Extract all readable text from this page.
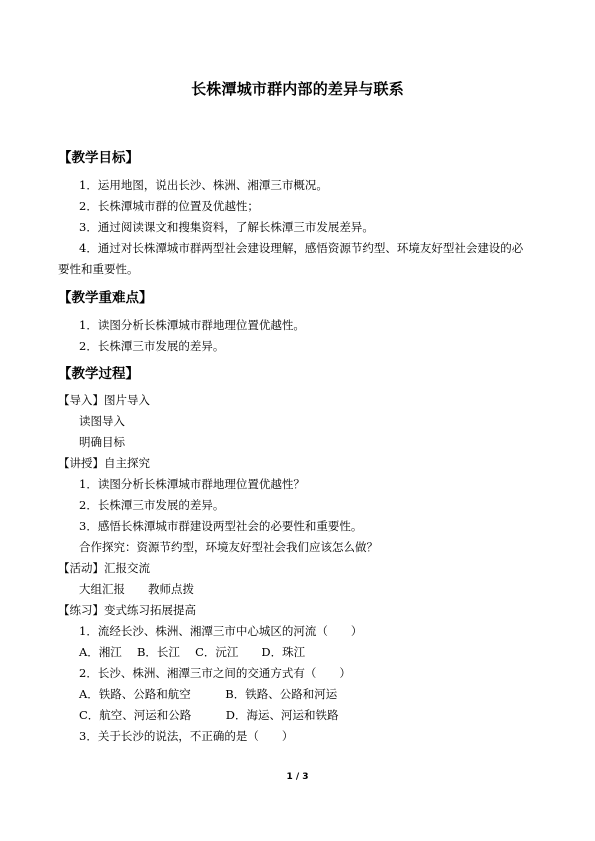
长株潭城市群内部的差异与联系
【教学目标】
1．运用地图，说出长沙、株洲、湘潭三市概况。
2．长株潭城市群的位置及优越性；
3．通过阅读课文和搜集资料，了解长株潭三市发展差异。
4．通过对长株潭城市群两型社会建设理解，感悟资源节约型、环境友好型社会建设的必
要性和重要性。
【教学重难点】
1．读图分析长株潭城市群地理位置优越性。
2．长株潭三市发展的差异。
【教学过程】
【导入】图片导入
读图导入
明确目标
【讲授】自主探究
1．读图分析长株潭城市群地理位置优越性？
2．长株潭三市发展的差异。
3．感悟长株潭城市群建设两型社会的必要性和重要性。
合作探究：资源节约型，环境友好型社会我们应该怎么做？
【活动】汇报交流
大组汇报　　教师点拨
【练习】变式练习拓展提高
1．流经长沙、株洲、湘潭三市中心城区的河流（　　）
A．湘江　 B．长江　 C．沅江　　D．珠江
2．长沙、株洲、湘潭三市之间的交通方式有（　　）
A．铁路、公路和航空　　　B．铁路、公路和河运
C．航空、河运和公路　　　D．海运、河运和铁路
3．关于长沙的说法，不正确的是（　　）
1 / 3
